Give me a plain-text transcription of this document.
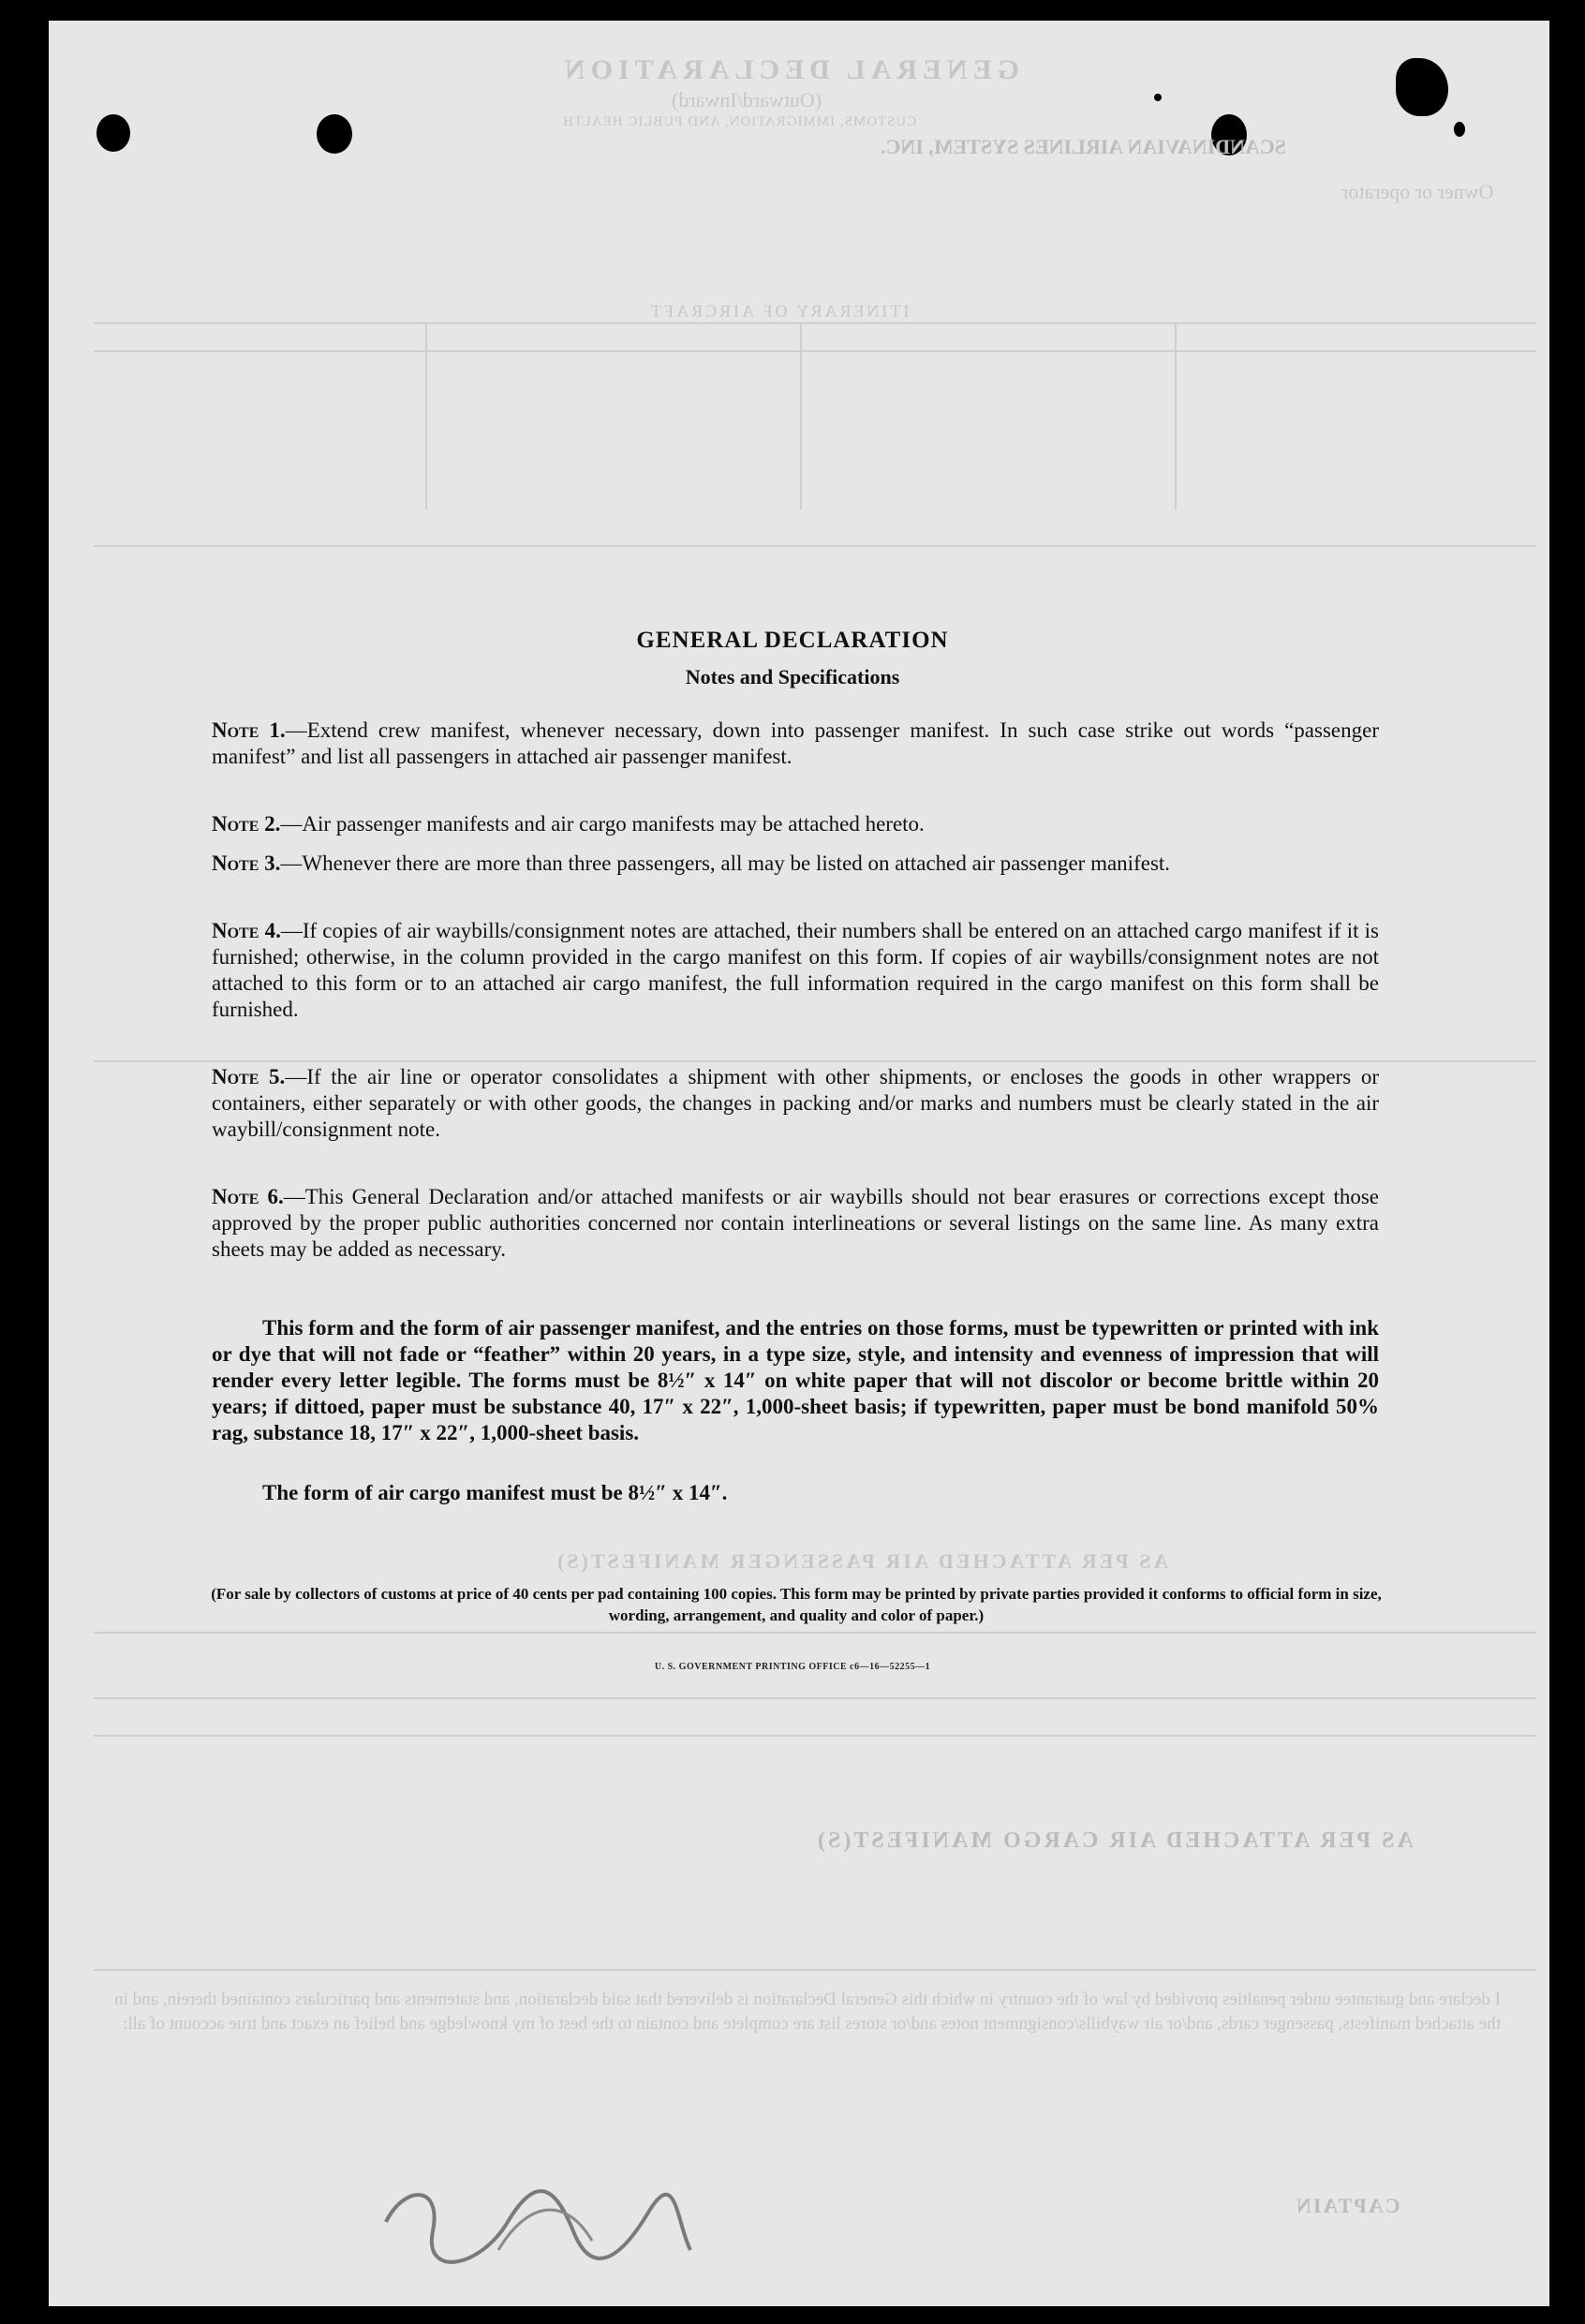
GENERAL DECLARATION
(Outward/Inward)
CUSTOMS, IMMIGRATION, AND PUBLIC HEALTH
SCANDINAVIAN AIRLINES SYSTEM, INC.
Owner or operator
ITINERARY OF AIRCRAFT
AS PER ATTACHED AIR PASSENGER MANIFEST(S)
AS PER ATTACHED AIR CARGO MANIFEST(S)
I declare and guarantee under penalties provided by law of the country in which this General Declaration is delivered that said declaration, and statements and particulars contained therein, and in the attached manifests, passenger cards, and/or air waybills/consignment notes and/or stores list are complete and contain to the best of my knowledge and belief an exact and true account of all:
CAPTAIN
GENERAL DECLARATION
Notes and Specifications
Note 1.—Extend crew manifest, whenever necessary, down into passenger manifest. In such case strike out words “passenger manifest” and list all passengers in attached air passenger manifest.
Note 2.—Air passenger manifests and air cargo manifests may be attached hereto.
Note 3.—Whenever there are more than three passengers, all may be listed on attached air passenger manifest.
Note 4.—If copies of air waybills/consignment notes are attached, their numbers shall be entered on an attached cargo manifest if it is furnished; otherwise, in the column provided in the cargo manifest on this form. If copies of air waybills/consignment notes are not attached to this form or to an attached air cargo manifest, the full information required in the cargo manifest on this form shall be furnished.
Note 5.—If the air line or operator consolidates a shipment with other shipments, or encloses the goods in other wrappers or containers, either separately or with other goods, the changes in packing and/or marks and numbers must be clearly stated in the air waybill/consignment note.
Note 6.—This General Declaration and/or attached manifests or air waybills should not bear erasures or corrections except those approved by the proper public authorities concerned nor contain interlineations or several listings on the same line. As many extra sheets may be added as necessary.
This form and the form of air passenger manifest, and the entries on those forms, must be typewritten or printed with ink or dye that will not fade or “feather” within 20 years, in a type size, style, and intensity and evenness of impression that will render every letter legible. The forms must be 8½″ x 14″ on white paper that will not discolor or become brittle within 20 years; if dittoed, paper must be substance 40, 17″ x 22″, 1,000-sheet basis; if typewritten, paper must be bond manifold 50% rag, substance 18, 17″ x 22″, 1,000-sheet basis.
The form of air cargo manifest must be 8½″ x 14″.
(For sale by collectors of customs at price of 40 cents per pad containing 100 copies. This form may be printed by private parties provided it conforms to official form in size, wording, arrangement, and quality and color of paper.)
U. S. GOVERNMENT PRINTING OFFICE c6—16—52255—1
